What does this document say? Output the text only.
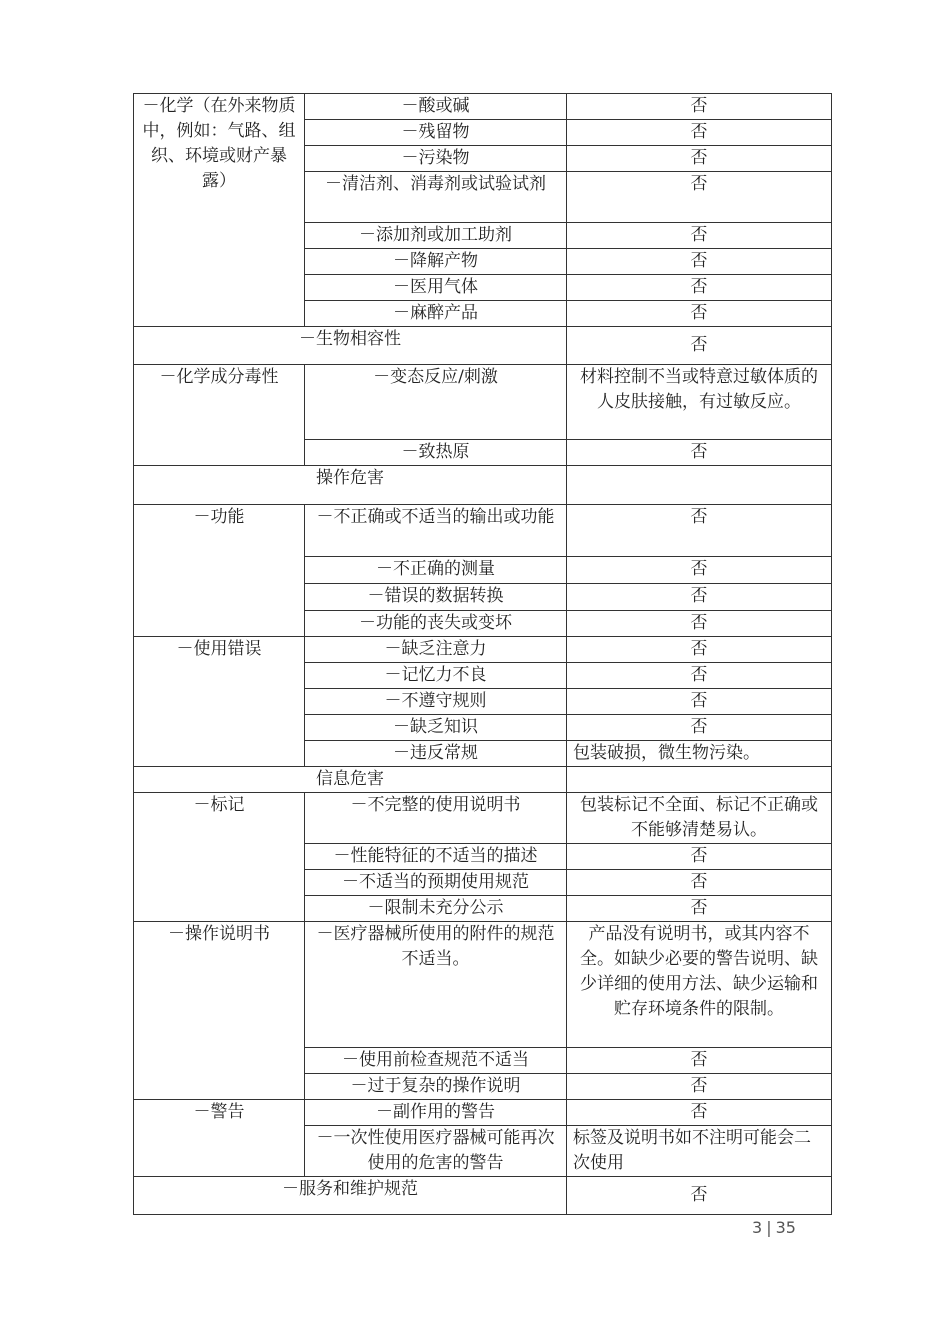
－化学（在外来物质中，例如：气路、组织、环境或财产暴露）	－酸或碱	否
	－残留物	否
	－污染物	否
	－清洁剂、消毒剂或试验试剂	否
	－添加剂或加工助剂	否
	－降解产物	否
	－医用气体	否
	－麻醉产品	否
－生物相容性		否
－化学成分毒性	－变态反应/刺激	材料控制不当或特意过敏体质的人皮肤接触，有过敏反应。
	－致热原	否
操作危害		
－功能	－不正确或不适当的输出或功能	否
	－不正确的测量	否
	－错误的数据转换	否
	－功能的丧失或变坏	否
－使用错误	－缺乏注意力	否
	－记忆力不良	否
	－不遵守规则	否
	－缺乏知识	否
	－违反常规	包装破损，微生物污染。
信息危害		
－标记	－不完整的使用说明书	包装标记不全面、标记不正确或不能够清楚易认。
	－性能特征的不适当的描述	否
	－不适当的预期使用规范	否
	－限制未充分公示	否
－操作说明书	－医疗器械所使用的附件的规范不适当。	产品没有说明书，或其内容不全。如缺少必要的警告说明、缺少详细的使用方法、缺少运输和贮存环境条件的限制。
	－使用前检查规范不适当	否
	－过于复杂的操作说明	否
－警告	－副作用的警告	否
	－一次性使用医疗器械可能再次使用的危害的警告	标签及说明书如不注明可能会二次使用
－服务和维护规范		否
3 | 35
